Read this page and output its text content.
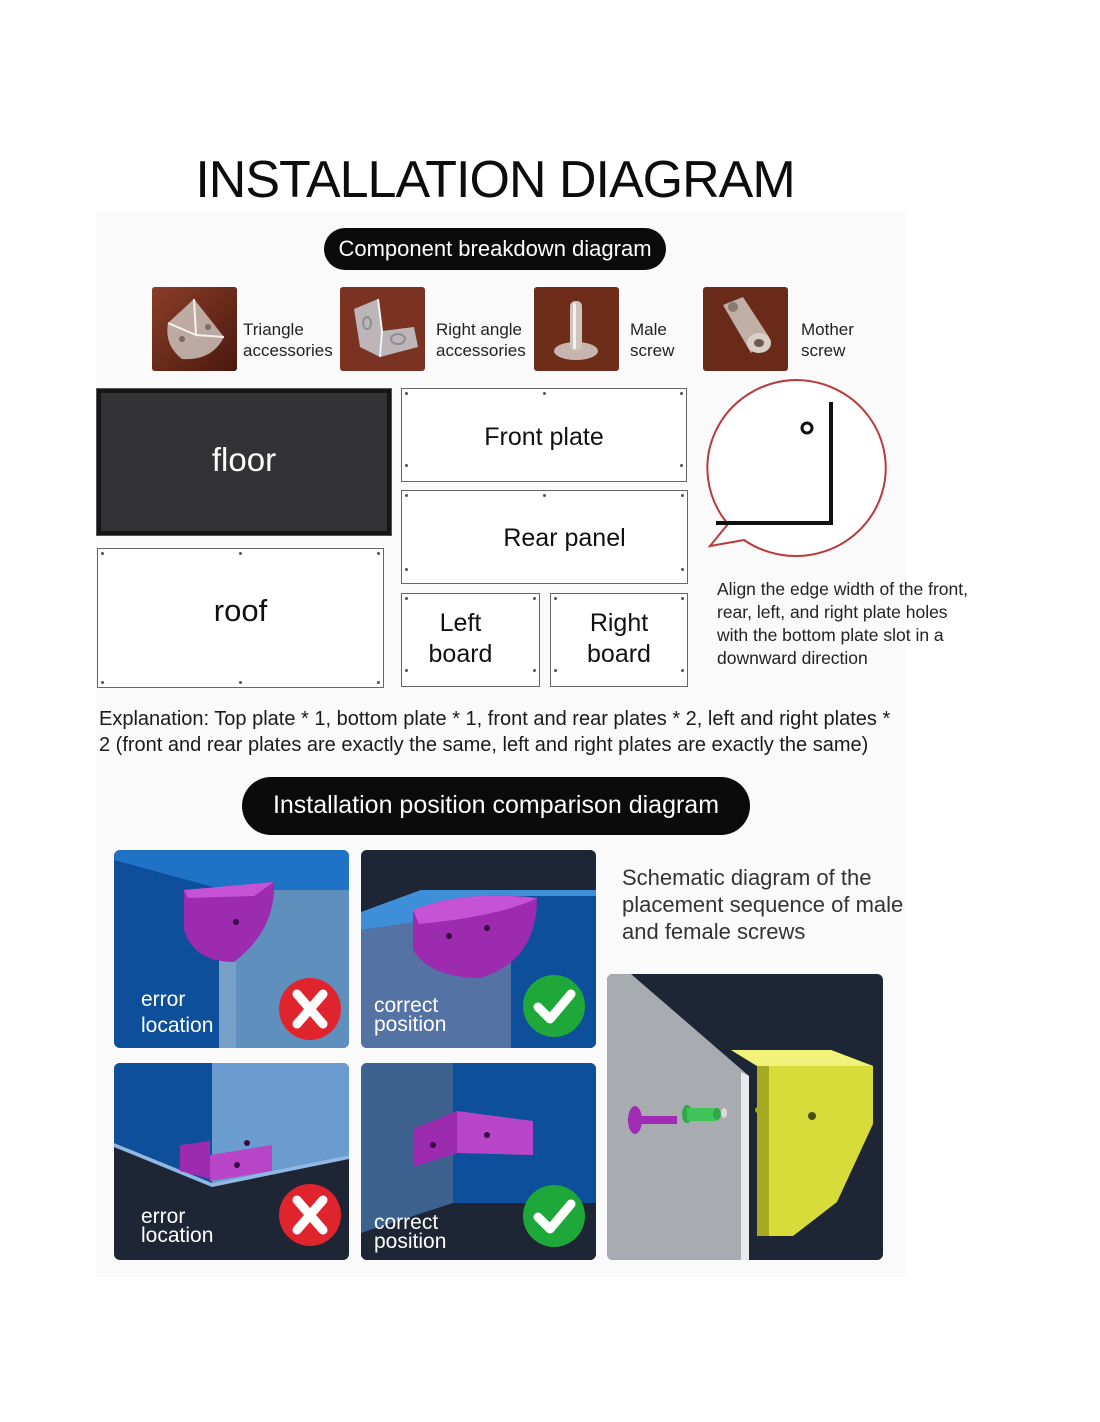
INSTALLATION DIAGRAM
Component breakdown diagram
Triangle
accessories
Right angle
accessories
Male
screw
Mother
screw
floor
roof
Front plate
Rear panel
Left
board
Right
board
Align the edge width of the front,
rear, left, and right plate holes
with the bottom plate slot in a
downward direction
Explanation: Top plate * 1, bottom plate * 1, front and rear plates * 2, left and right plates *
2 (front and rear plates are exactly the same, left and right plates are exactly the same)
Installation position comparison diagram
error
location
correct
position
error
location
correct
position
Schematic diagram of the
placement sequence of male
and female screws
